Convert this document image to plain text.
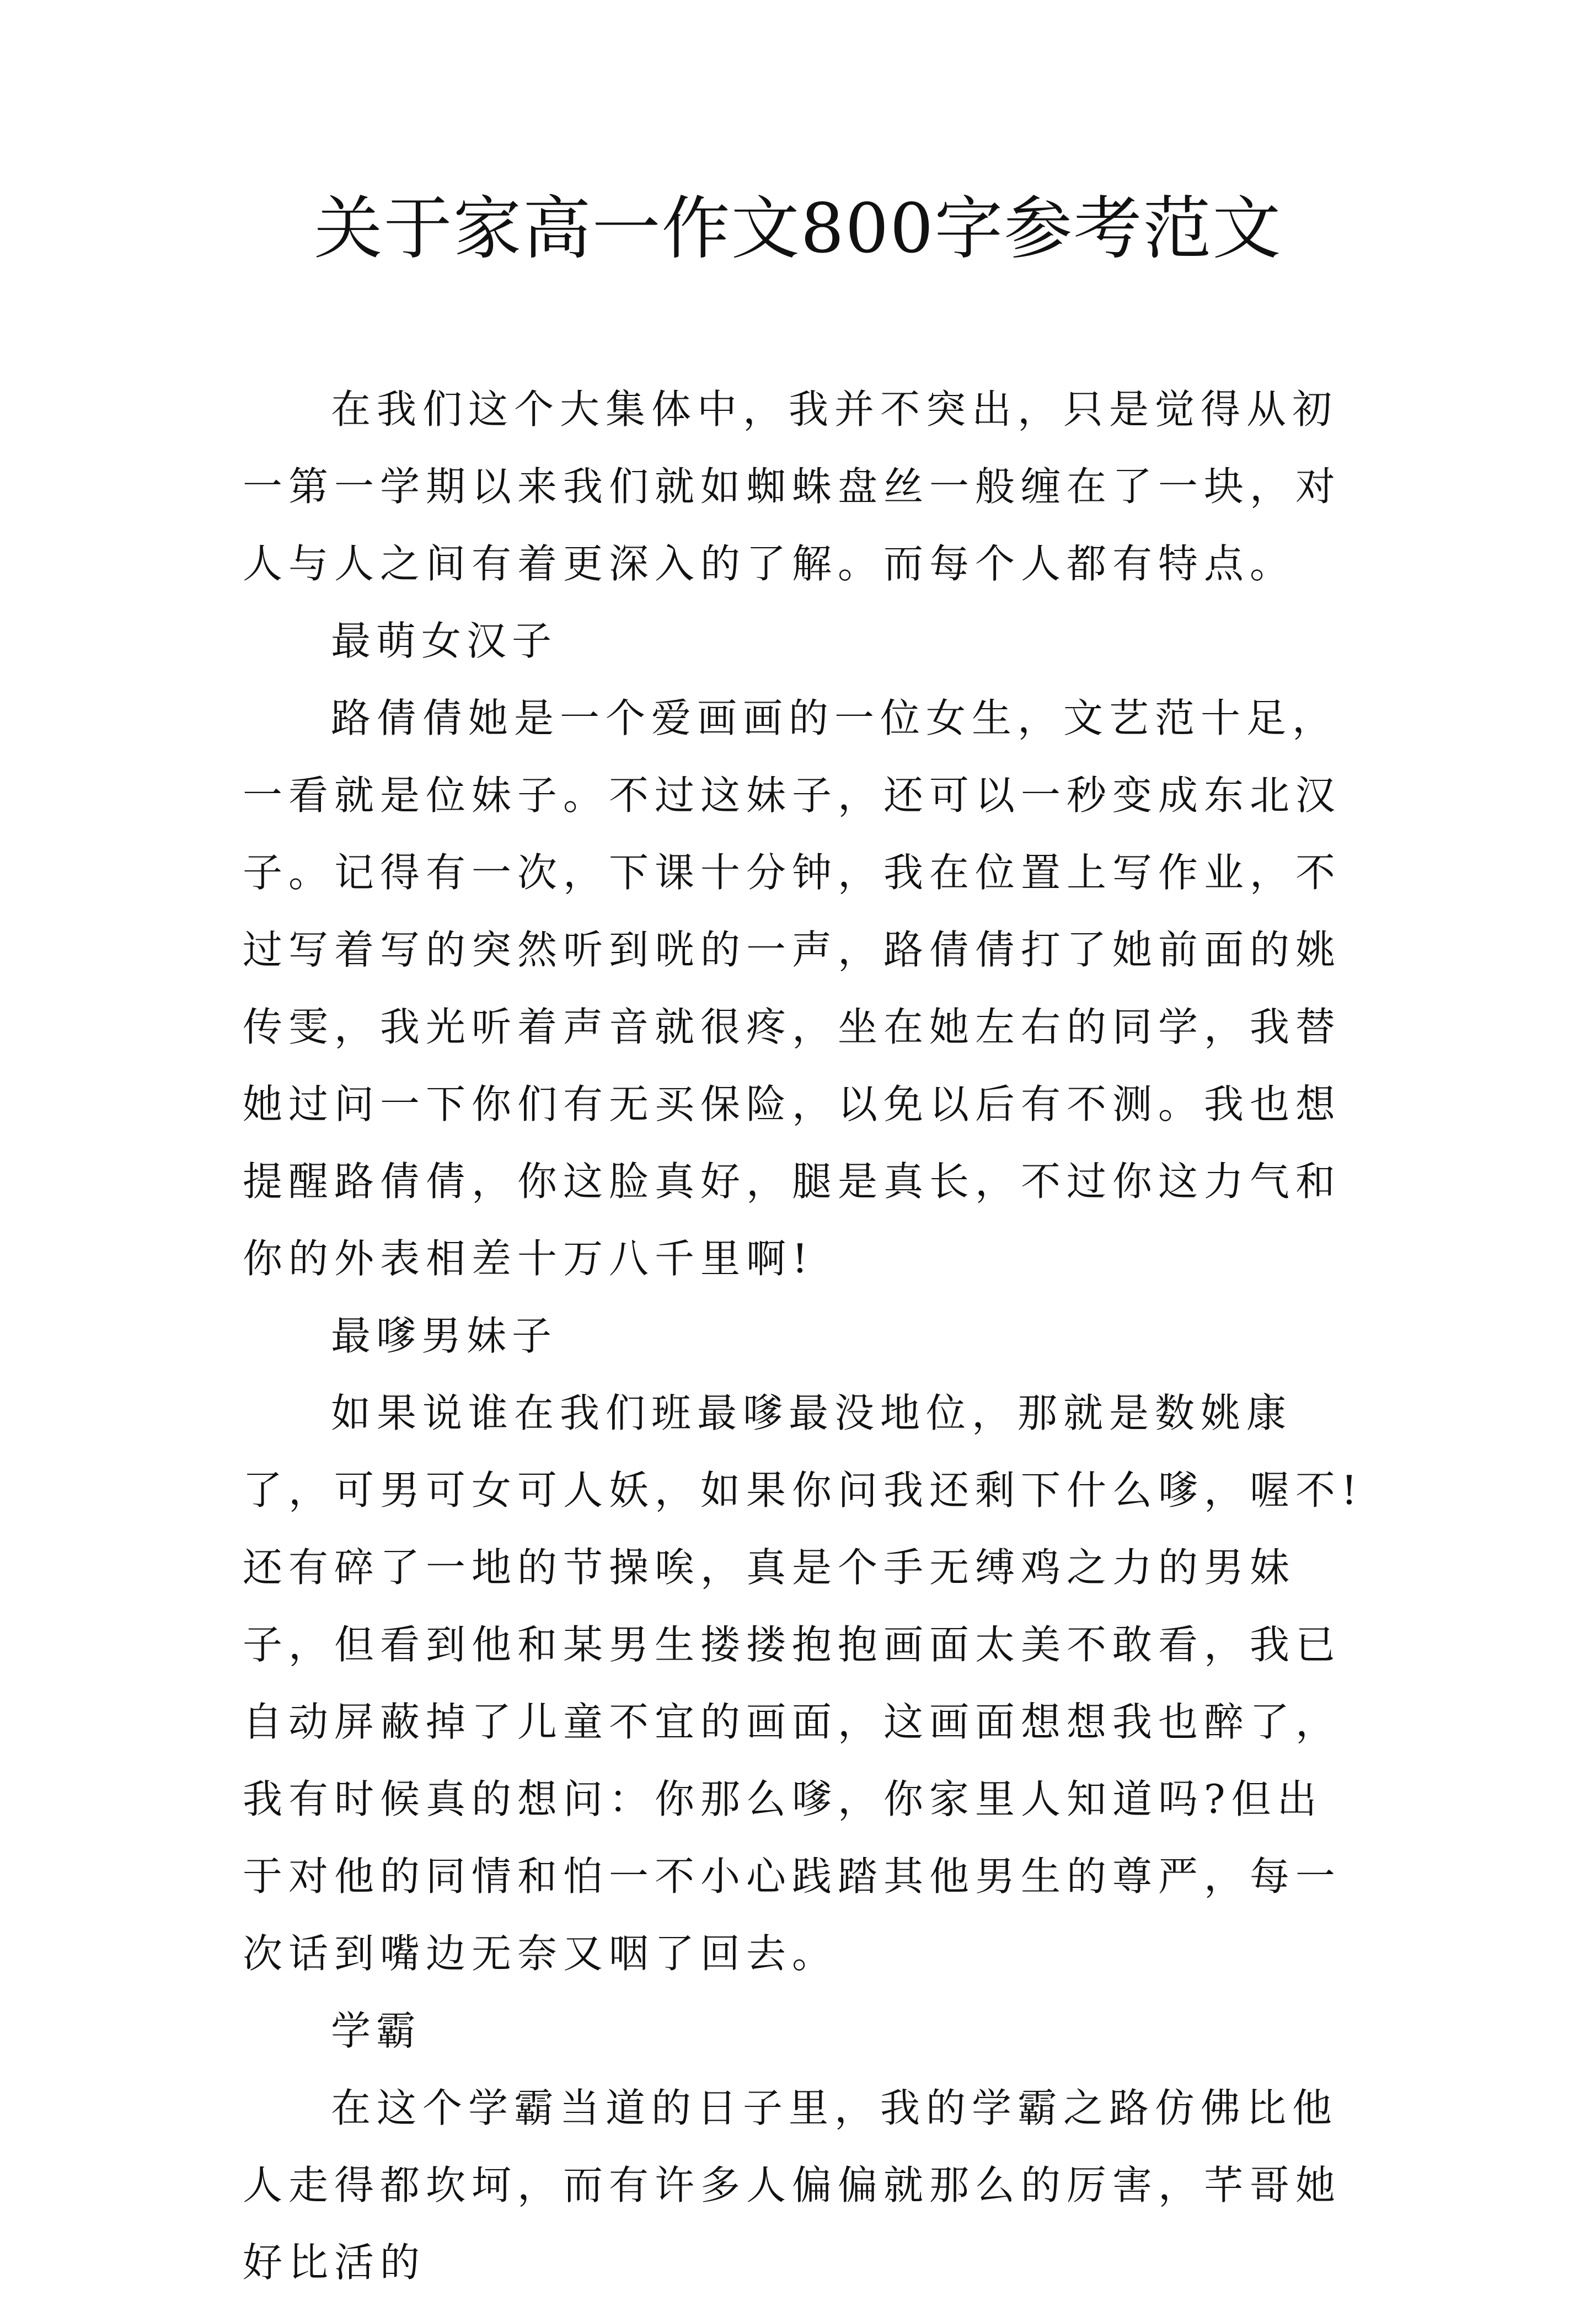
关于家高一作文800字参考范文

在我们这个大集体中，我并不突出，只是觉得从初一第一学期以来我们就如蜘蛛盘丝一般缠在了一块，对人与人之间有着更深入的了解。而每个人都有特点。

最萌女汉子

路倩倩她是一个爱画画的一位女生，文艺范十足，一看就是位妹子。不过这妹子，还可以一秒变成东北汉子。记得有一次，下课十分钟，我在位置上写作业，不过写着写的突然听到咣的一声，路倩倩打了她前面的姚传雯，我光听着声音就很疼，坐在她左右的同学，我替她过问一下你们有无买保险，以免以后有不测。我也想提醒路倩倩，你这脸真好，腿是真长，不过你这力气和你的外表相差十万八千里啊!

最嗲男妹子

如果说谁在我们班最嗲最没地位，那就是数姚康了，可男可女可人妖，如果你问我还剩下什么嗲，喔不!还有碎了一地的节操唉，真是个手无缚鸡之力的男妹子，但看到他和某男生搂搂抱抱画面太美不敢看，我已自动屏蔽掉了儿童不宜的画面，这画面想想我也醉了，我有时候真的想问：你那么嗲，你家里人知道吗?但出于对他的同情和怕一不小心践踏其他男生的尊严，每一次话到嘴边无奈又咽了回去。

学霸

在这个学霸当道的日子里，我的学霸之路仿佛比他人走得都坎坷，而有许多人偏偏就那么的厉害，芊哥她好比活的
